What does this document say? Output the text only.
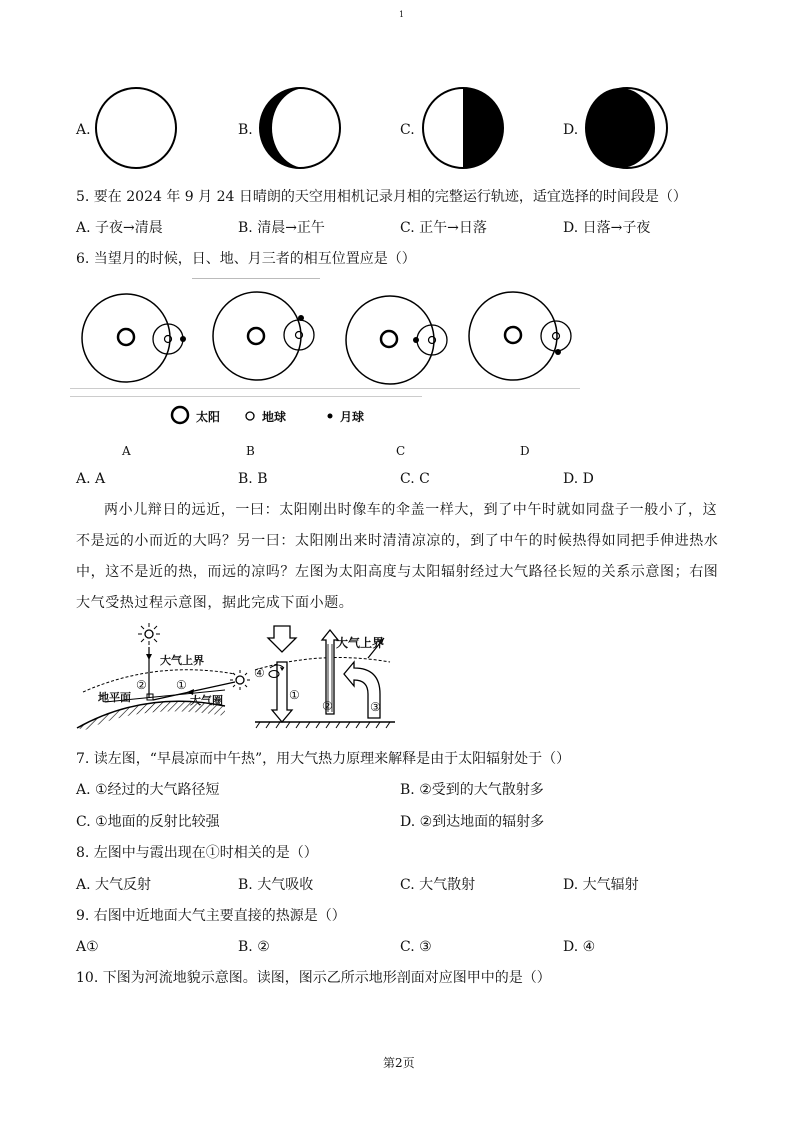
1
A.	B.	C.	D.
5. 要在 2024 年 9 月 24 日晴朗的天空用相机记录月相的完整运行轨迹，适宜选择的时间段是（）
A. 子夜→清晨	B. 清晨→正午	C. 正午→日落	D. 日落→子夜
6. 当望月的时候，日、地、月三者的相互位置应是（）
太阳	地球	月球
A	B	C	D
A. A	B. B	C. C	D. D
两小儿辩日的远近，一曰：太阳刚出时像车的伞盖一样大，到了中午时就如同盘子一般小了，这不是远的小而近的大吗？另一曰：太阳刚出来时清清凉凉的，到了中午的时候热得如同把手伸进热水中，这不是近的热，而远的凉吗？左图为太阳高度与太阳辐射经过大气路径长短的关系示意图；右图大气受热过程示意图，据此完成下面小题。
大气上界
② ①
地平面	大气圈
大气上界
④
①
②	③
7. 读左图，“早晨凉而中午热”，用大气热力原理来解释是由于太阳辐射处于（）
A. ①经过的大气路径短	B. ②受到的大气散射多
C. ①地面的反射比较强	D. ②到达地面的辐射多
8. 左图中与霞出现在①时相关的是（）
A. 大气反射	B. 大气吸收	C. 大气散射	D. 大气辐射
9. 右图中近地面大气主要直接的热源是（）
A①	B. ②	C. ③	D. ④
10. 下图为河流地貌示意图。读图，图示乙所示地形剖面对应图甲中的是（）
第2页
